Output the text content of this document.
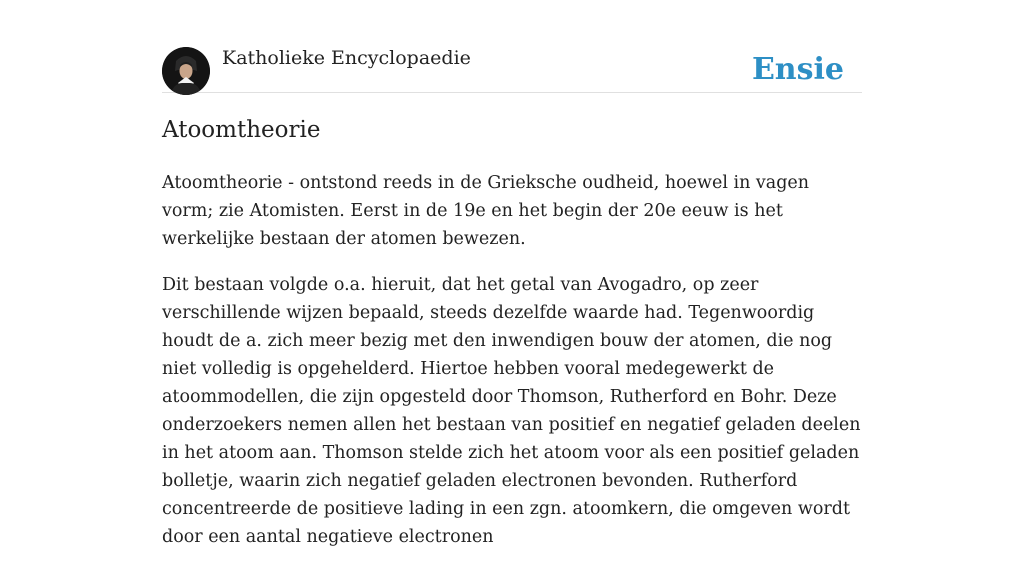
Katholieke Encyclopaedie	Ensie
Atoomtheorie

Atoomtheorie - ontstond reeds in de Grieksche oudheid, hoewel in vagen vorm; zie Atomisten. Eerst in de 19e en het begin der 20e eeuw is het werkelijke bestaan der atomen bewezen.

Dit bestaan volgde o.a. hieruit, dat het getal van Avogadro, op zeer verschillende wijzen bepaald, steeds dezelfde waarde had. Tegenwoordig houdt de a. zich meer bezig met den inwendigen bouw der atomen, die nog niet volledig is opgehelderd. Hiertoe hebben vooral medegewerkt de atoommodellen, die zijn opgesteld door Thomson, Rutherford en Bohr. Deze onderzoekers nemen allen het bestaan van positief en negatief geladen deelen in het atoom aan. Thomson stelde zich het atoom voor als een positief geladen bolletje, waarin zich negatief geladen electronen bevonden. Rutherford concentreerde de positieve lading in een zgn. atoomkern, die omgeven wordt door een aantal negatieve electronen
